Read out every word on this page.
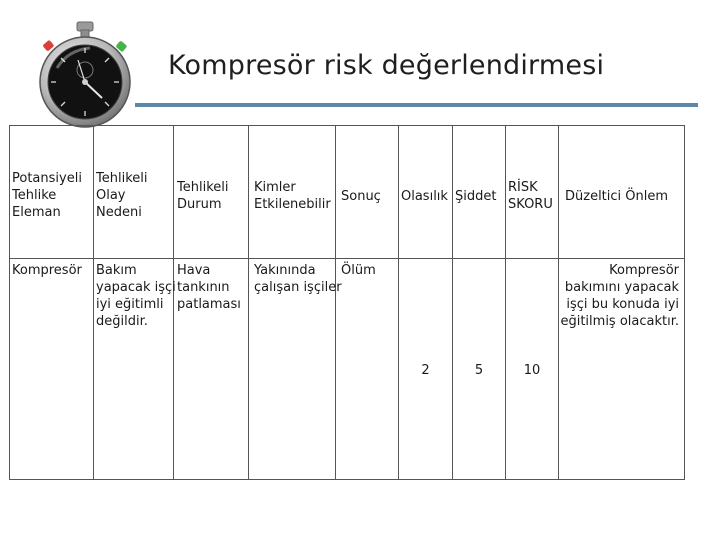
Kompresör risk değerlendirmesi
Potansiyeli
Tehlike
Eleman
Tehlikeli
Olay
Nedeni
Tehlikeli
Durum
Kimler
Etkilenebilir
Sonuç Olasılık Şiddet
RİSK
SKORU
Düzeltici Önlem
Kompresör Bakım
yapacak işçi
iyi eğitimli
değildir.
Hava
tankının
patlaması
Yakınında
çalışan işçiler
Ölüm
2	5	10
Kompresör
bakımını yapacak
işçi bu konuda iyi
eğitilmiş olacaktır.
